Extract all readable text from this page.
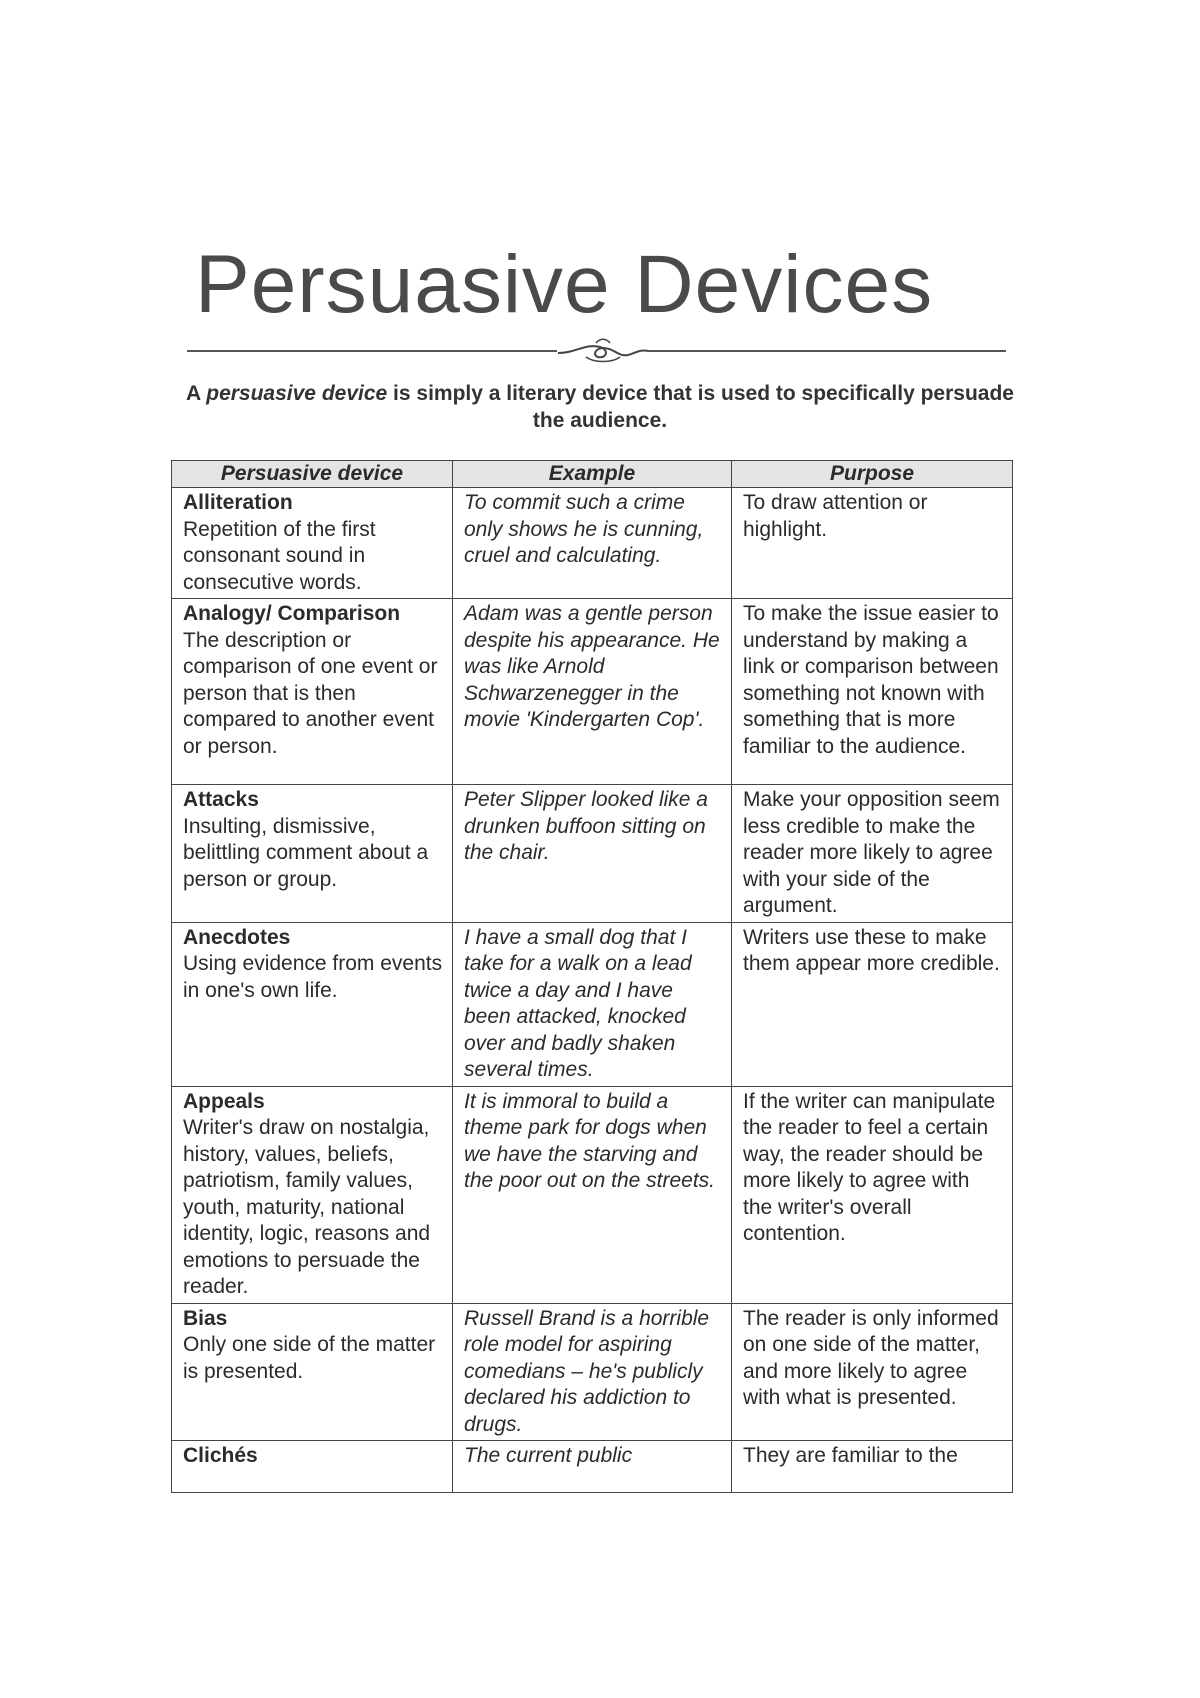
Persuasive Devices
A persuasive device is simply a literary device that is used to specifically persuade the audience.
Persuasive device	Example	Purpose

Alliteration
Repetition of the first consonant sound in consecutive words.	To commit such a crime only shows he is cunning, cruel and calculating.	To draw attention or highlight.

Analogy/ Comparison
The description or comparison of one event or person that is then compared to another event or person.	Adam was a gentle person despite his appearance. He was like Arnold Schwarzenegger in the movie 'Kindergarten Cop'.	To make the issue easier to understand by making a link or comparison between something not known with something that is more familiar to the audience.

Attacks
Insulting, dismissive, belittling comment about a person or group.	Peter Slipper looked like a drunken buffoon sitting on the chair.	Make your opposition seem less credible to make the reader more likely to agree with your side of the argument.

Anecdotes
Using evidence from events in one's own life.	I have a small dog that I take for a walk on a lead twice a day and I have been attacked, knocked over and badly shaken several times.	Writers use these to make them appear more credible.

Appeals
Writer's draw on nostalgia, history, values, beliefs, patriotism, family values, youth, maturity, national identity, logic, reasons and emotions to persuade the reader.	It is immoral to build a theme park for dogs when we have the starving and the poor out on the streets.	If the writer can manipulate the reader to feel a certain way, the reader should be more likely to agree with the writer's overall contention.

Bias
Only one side of the matter is presented.	Russell Brand is a horrible role model for aspiring comedians – he's publicly declared his addiction to drugs.	The reader is only informed on one side of the matter, and more likely to agree with what is presented.

Clichés	The current public	They are familiar to the
